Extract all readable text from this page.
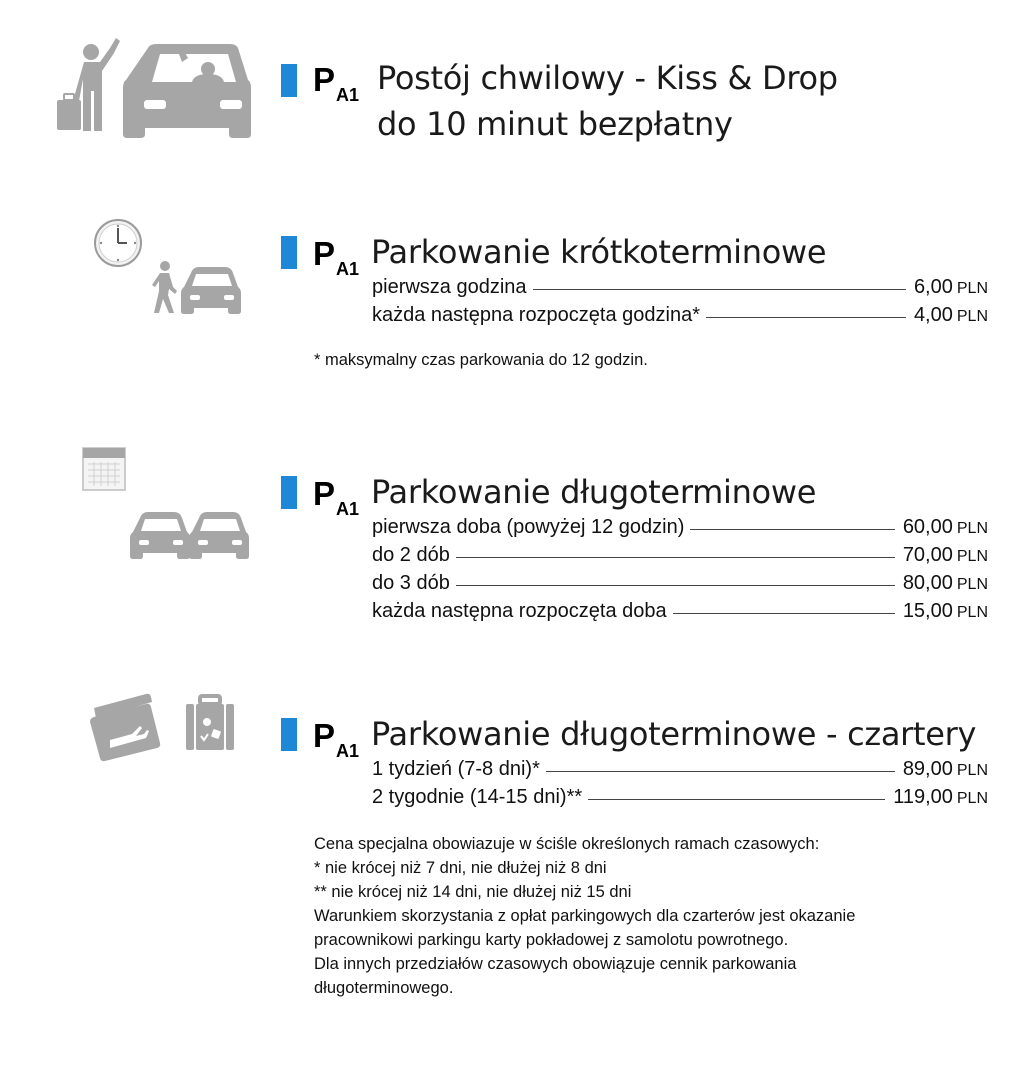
$P_{A1}$ Postój chwilowy - Kiss & Drop
do 10 minut bezpłatny
$P_{A1}$ Parkowanie krótkoterminowe
pierwsza godzina	6,00 PLN
każda następna rozpoczęta godzina*	4,00 PLN
* maksymalny czas parkowania do 12 godzin.
$P_{A1}$ Parkowanie długoterminowe
pierwsza doba (powyżej 12 godzin)	60,00 PLN
do 2 dób	70,00 PLN
do 3 dób	80,00 PLN
każda następna rozpoczęta doba	15,00 PLN
$P_{A1}$ Parkowanie długoterminowe - czartery
1 tydzień (7-8 dni)*	89,00 PLN
2 tygodnie (14-15 dni)**	119,00 PLN
Cena specjalna obowiazuje w ściśle określonych ramach czasowych:
* nie krócej niż 7 dni, nie dłużej niż 8 dni
** nie krócej niż 14 dni, nie dłużej niż 15 dni
Warunkiem skorzystania z opłat parkingowych dla czarterów jest okazanie
pracownikowi parkingu karty pokładowej z samolotu powrotnego.
Dla innych przedziałów czasowych obowiązuje cennik parkowania
długoterminowego.
